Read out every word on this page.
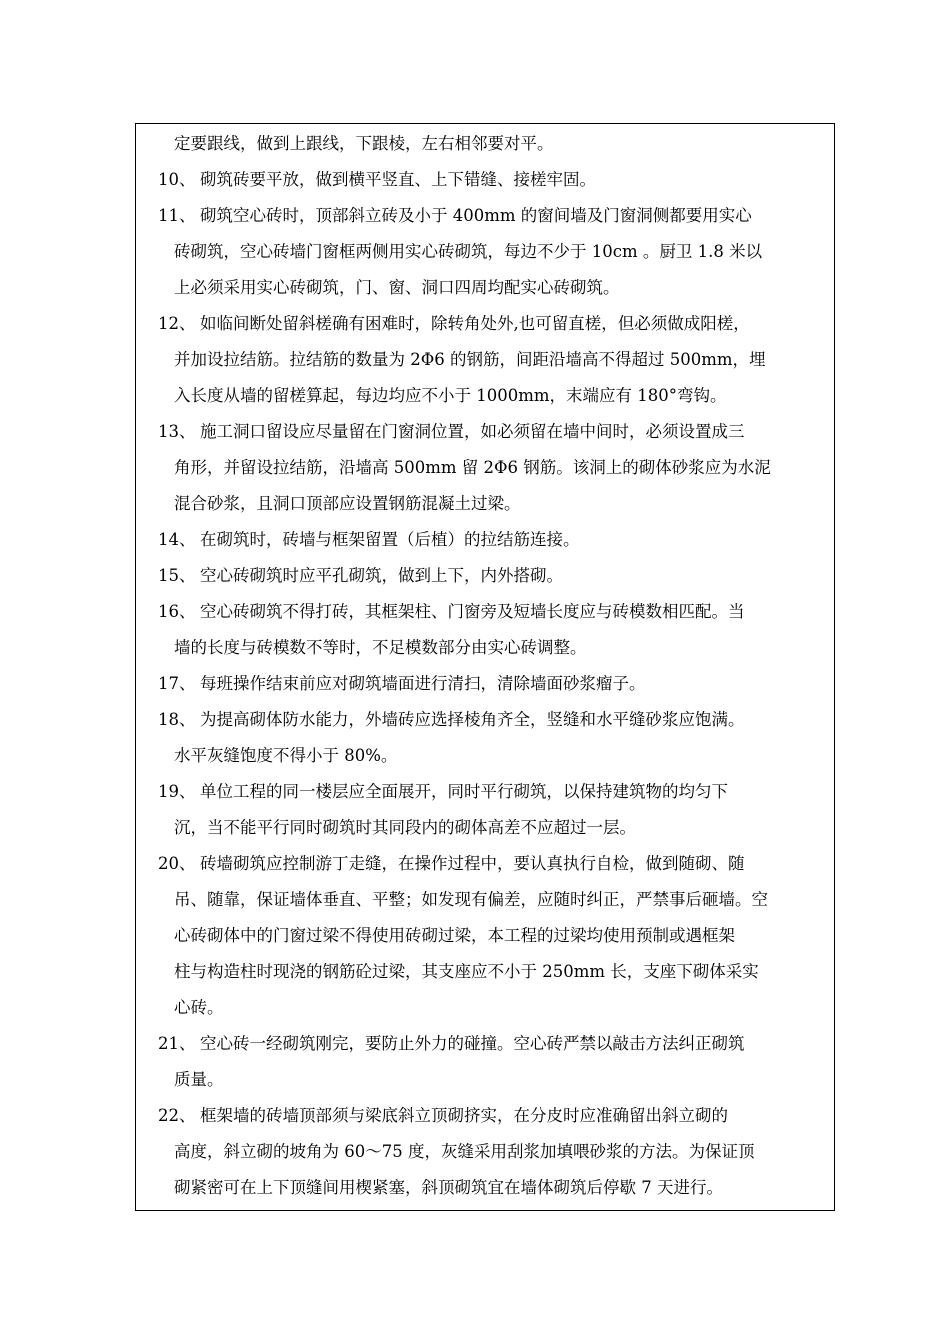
定要跟线，做到上跟线，下跟棱，左右相邻要对平。

10、 砌筑砖要平放，做到横平竖直、上下错缝、接槎牢固。
11、 砌筑空心砖时，顶部斜立砖及小于 400mm 的窗间墙及门窗洞侧都要用实心
砖砌筑，空心砖墙门窗框两侧用实心砖砌筑，每边不少于 10cm 。厨卫 1.8 米以
上必须采用实心砖砌筑，门、窗、洞口四周均配实心砖砌筑。
12、 如临间断处留斜槎确有困难时，除转角处外,也可留直槎，但必须做成阳槎，
并加设拉结筋。拉结筋的数量为 2Φ6 的钢筋，间距沿墙高不得超过 500mm，埋
入长度从墙的留槎算起，每边均应不小于 1000mm，末端应有 180°弯钩。
13、 施工洞口留设应尽量留在门窗洞位置，如必须留在墙中间时，必须设置成三
角形，并留设拉结筋，沿墙高 500mm 留 2Φ6 钢筋。该洞上的砌体砂浆应为水泥
混合砂浆，且洞口顶部应设置钢筋混凝土过梁。
14、 在砌筑时，砖墙与框架留置（后植）的拉结筋连接。
15、 空心砖砌筑时应平孔砌筑，做到上下，内外搭砌。
16、 空心砖砌筑不得打砖，其框架柱、门窗旁及短墙长度应与砖模数相匹配。当
墙的长度与砖模数不等时，不足模数部分由实心砖调整。
17、 每班操作结束前应对砌筑墙面进行清扫，清除墙面砂浆瘤子。
18、 为提高砌体防水能力，外墙砖应选择棱角齐全，竖缝和水平缝砂浆应饱满。
水平灰缝饱度不得小于 80%。
19、 单位工程的同一楼层应全面展开，同时平行砌筑，以保持建筑物的均匀下
沉，当不能平行同时砌筑时其同段内的砌体高差不应超过一层。
20、 砖墙砌筑应控制游丁走缝，在操作过程中，要认真执行自检，做到随砌、随
吊、随靠，保证墙体垂直、平整；如发现有偏差，应随时纠正，严禁事后砸墙。空
心砖砌体中的门窗过梁不得使用砖砌过梁，本工程的过梁均使用预制或遇框架
柱与构造柱时现浇的钢筋砼过梁，其支座应不小于 250mm 长，支座下砌体采实
心砖。
21、 空心砖一经砌筑刚完，要防止外力的碰撞。空心砖严禁以敲击方法纠正砌筑
质量。
22、 框架墙的砖墙顶部须与梁底斜立顶砌挤实，在分皮时应准确留出斜立砌的
高度，斜立砌的坡角为 60～75 度，灰缝采用刮浆加填喂砂浆的方法。为保证顶
砌紧密可在上下顶缝间用楔紧塞，斜顶砌筑宜在墙体砌筑后停歇 7 天进行。
